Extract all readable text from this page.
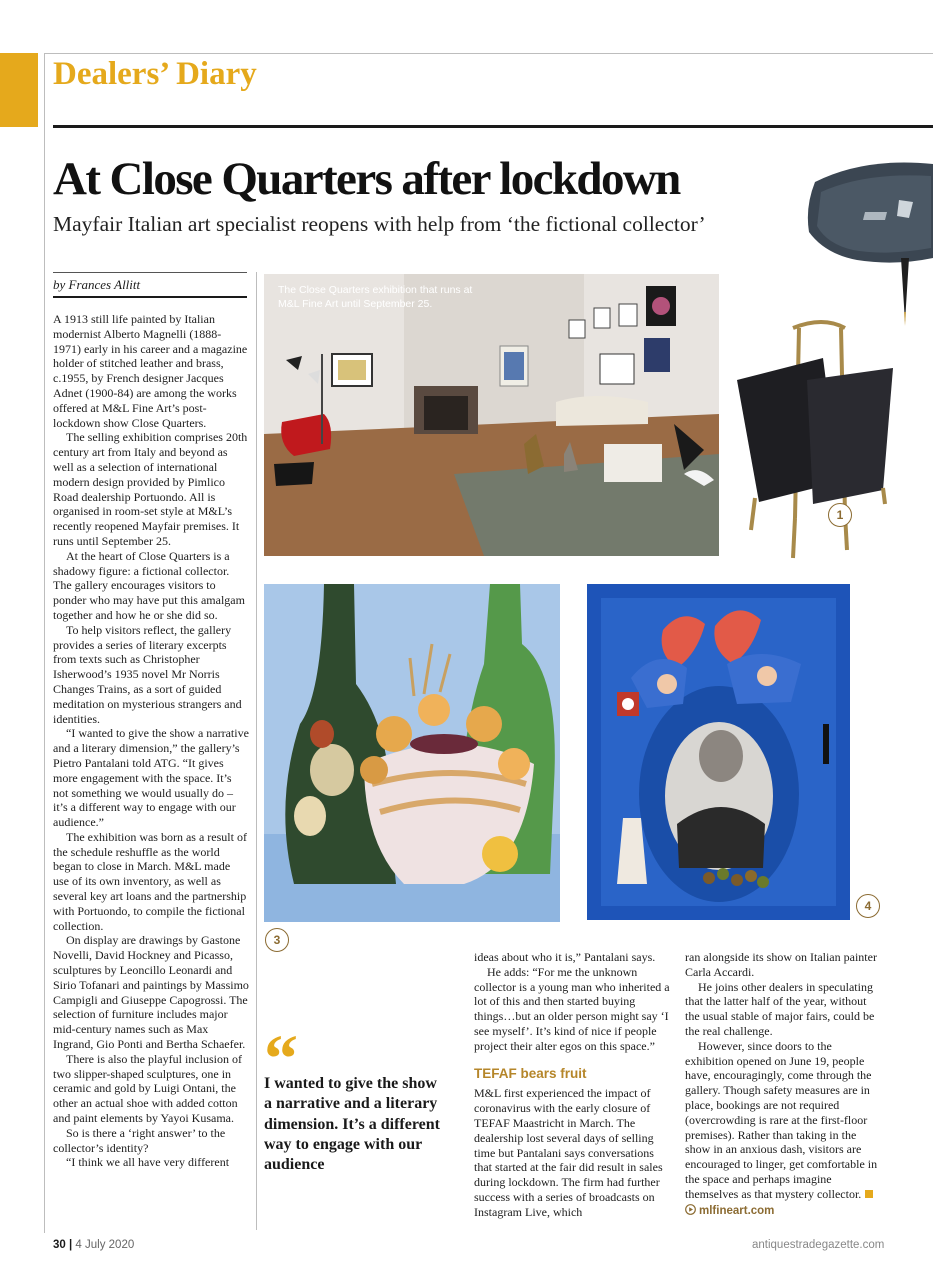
Dealers’ Diary
At Close Quarters after lockdown
Mayfair Italian art specialist reopens with help from ‘the fictional collector’
The Close Quarters exhibition that runs at M&L Fine Art until September 25.
1
3
4
by Frances Allitt

A 1913 still life painted by Italian modernist Alberto Magnelli (1888-1971) early in his career and a magazine holder of stitched leather and brass, c.1955, by French designer Jacques Adnet (1900-84) are among the works offered at M&L Fine Art’s post-lockdown show Close Quarters.

The selling exhibition comprises 20th century art from Italy and beyond as well as a selection of international modern design provided by Pimlico Road dealership Portuondo. All is organised in room-set style at M&L’s recently reopened Mayfair premises. It runs until September 25.

At the heart of Close Quarters is a shadowy figure: a fictional collector. The gallery encourages visitors to ponder who may have put this amalgam together and how he or she did so.

To help visitors reflect, the gallery provides a series of literary excerpts from texts such as Christopher Isherwood’s 1935 novel Mr Norris Changes Trains, as a sort of guided meditation on mysterious strangers and identities.

“I wanted to give the show a narrative and a literary dimension,” the gallery’s Pietro Pantalani told ATG. “It gives more engagement with the space. It’s not something we would usually do – it’s a different way to engage with our audience.”

The exhibition was born as a result of the schedule reshuffle as the world began to close in March. M&L made use of its own inventory, as well as several key art loans and the partnership with Portuondo, to compile the fictional collection.

On display are drawings by Gastone Novelli, David Hockney and Picasso, sculptures by Leoncillo Leonardi and Sirio Tofanari and paintings by Massimo Campigli and Giuseppe Capogrossi. The selection of furniture includes major mid-century names such as Max Ingrand, Gio Ponti and Bertha Schaefer.

There is also the playful inclusion of two slipper-shaped sculptures, one in ceramic and gold by Luigi Ontani, the other an actual shoe with added cotton and paint elements by Yayoi Kusama.

So is there a ‘right answer’ to the collector’s identity?

“I think we all have very different

“
I wanted to give the show a narrative and a literary dimension. It’s a different way to engage with our audience

ideas about who it is,” Pantalani says.

He adds: “For me the unknown collector is a young man who inherited a lot of this and then started buying things…but an older person might say ‘I see myself’. It’s kind of nice if people project their alter egos on this space.”

TEFAF bears fruit

M&L first experienced the impact of coronavirus with the early closure of TEFAF Maastricht in March. The dealership lost several days of selling time but Pantalani says conversations that started at the fair did result in sales during lockdown. The firm had further success with a series of broadcasts on Instagram Live, which

ran alongside its show on Italian painter Carla Accardi.

He joins other dealers in speculating that the latter half of the year, without the usual stable of major fairs, could be the real challenge.

However, since doors to the exhibition opened on June 19, people have, encouragingly, come through the gallery. Though safety measures are in place, bookings are not required (overcrowding is rare at the first-floor premises). Rather than taking in the show in an anxious dash, visitors are encouraged to linger, get comfortable in the space and perhaps imagine themselves as that mystery collector.

mlfineart.com
30 | 4 July 2020	antiquestradegazette.com
